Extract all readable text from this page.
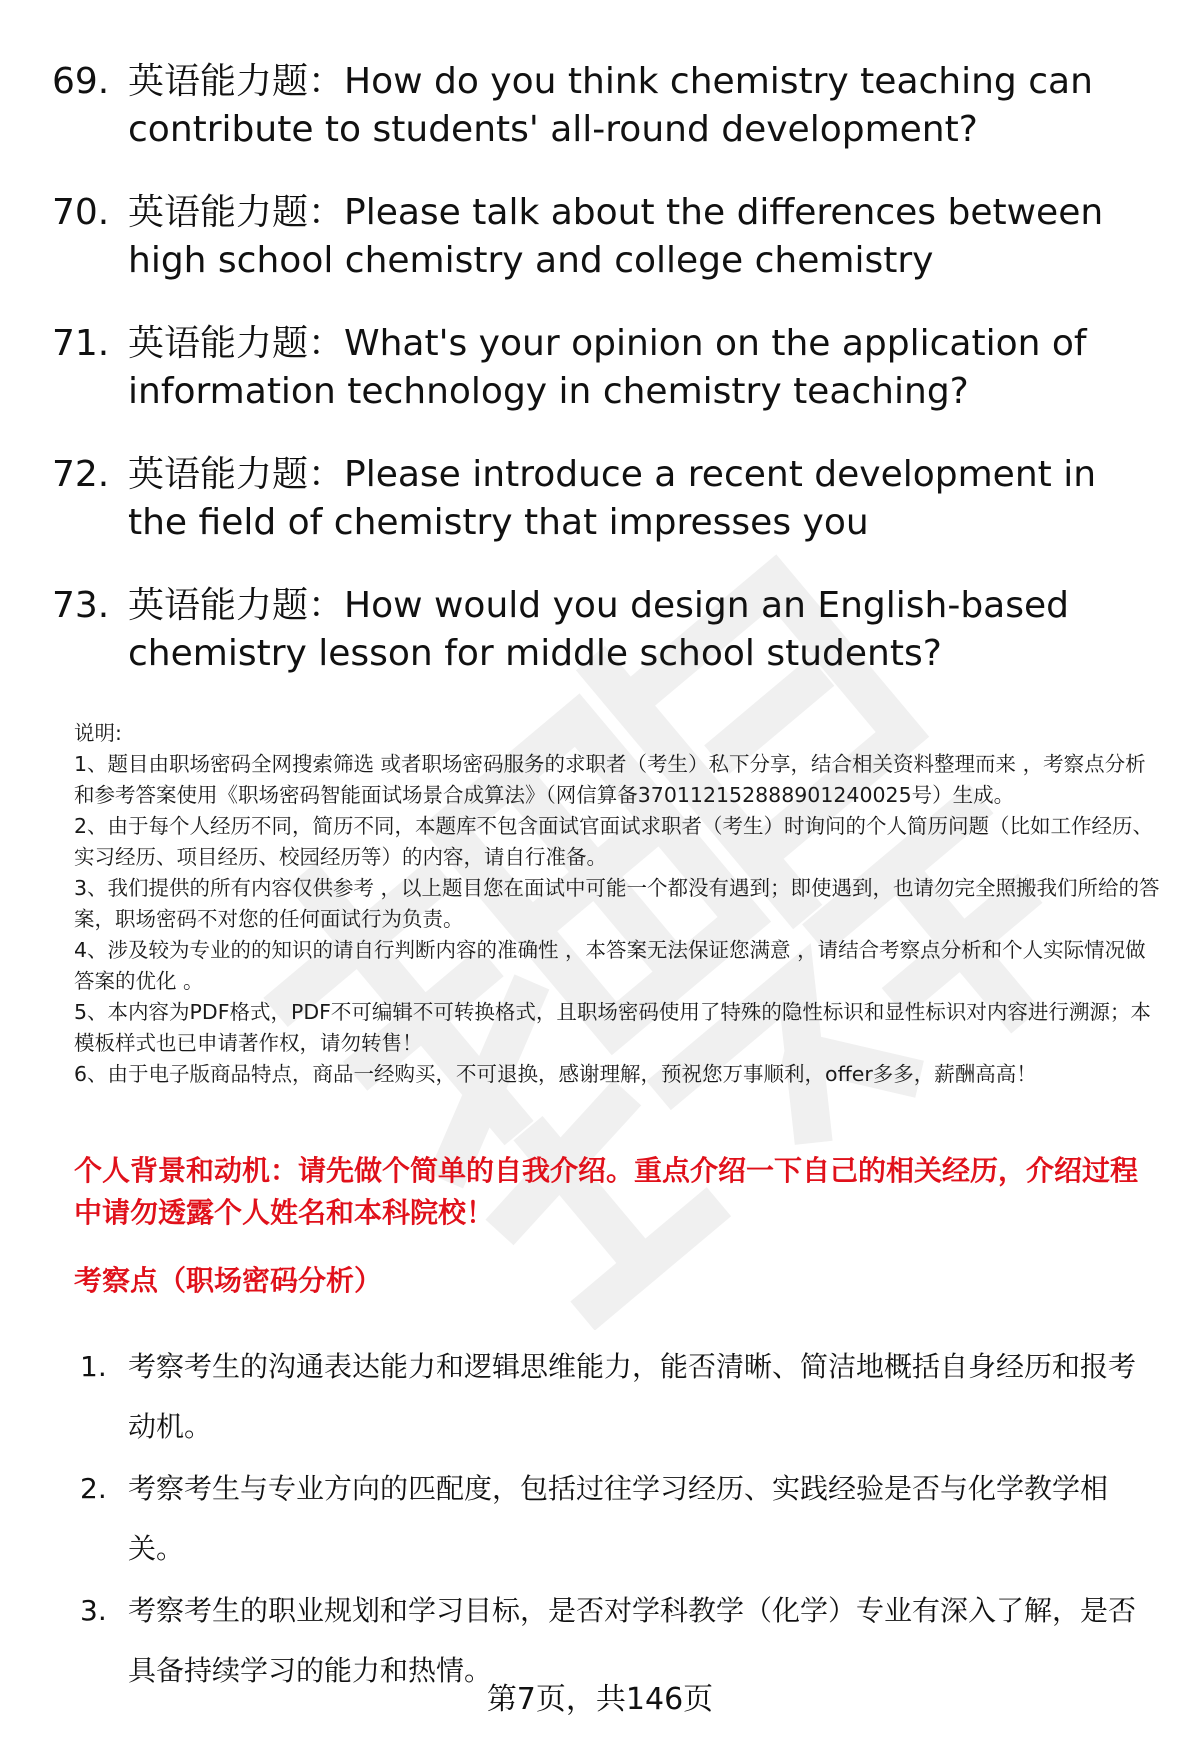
69. 英语能力题：How do you think chemistry teaching can contribute to students' all-round development?
70. 英语能力题：Please talk about the differences between high school chemistry and college chemistry
71. 英语能力题：What's your opinion on the application of information technology in chemistry teaching?
72. 英语能力题：Please introduce a recent development in the field of chemistry that impresses you
73. 英语能力题：How would you design an English-based chemistry lesson for middle school students?

说明:

1、题目由职场密码全网搜索筛选 或者职场密码服务的求职者（考生）私下分享，结合相关资料整理而来 ，考察点分析和参考答案使用《职场密码智能面试场景合成算法》（网信算备370112152888901240025号）生成。

2、由于每个人经历不同，简历不同，本题库不包含面试官面试求职者（考生）时询问的个人简历问题（比如工作经历、实习经历、项目经历、校园经历等）的内容，请自行准备。

3、我们提供的所有内容仅供参考 ，以上题目您在面试中可能一个都没有遇到；即使遇到，也请勿完全照搬我们所给的答案，职场密码不对您的任何面试行为负责。

4、涉及较为专业的的知识的请自行判断内容的准确性 ，本答案无法保证您满意 ，请结合考察点分析和个人实际情况做答案的优化 。

5、本内容为PDF格式，PDF不可编辑不可转换格式，且职场密码使用了特殊的隐性标识和显性标识对内容进行溯源；本模板样式也已申请著作权，请勿转售！

6、由于电子版商品特点，商品一经购买，不可退换，感谢理解，预祝您万事顺利，offer多多，薪酬高高！

个人背景和动机：请先做个简单的自我介绍。重点介绍一下自己的相关经历，介绍过程中请勿透露个人姓名和本科院校！
考察点（职场密码分析）
1. 考察考生的沟通表达能力和逻辑思维能力，能否清晰、简洁地概括自身经历和报考动机。
2. 考察考生与专业方向的匹配度，包括过往学习经历、实践经验是否与化学教学相关。
3. 考察考生的职业规划和学习目标，是否对学科教学（化学）专业有深入了解，是否具备持续学习的能力和热情。
第7页，共146页
